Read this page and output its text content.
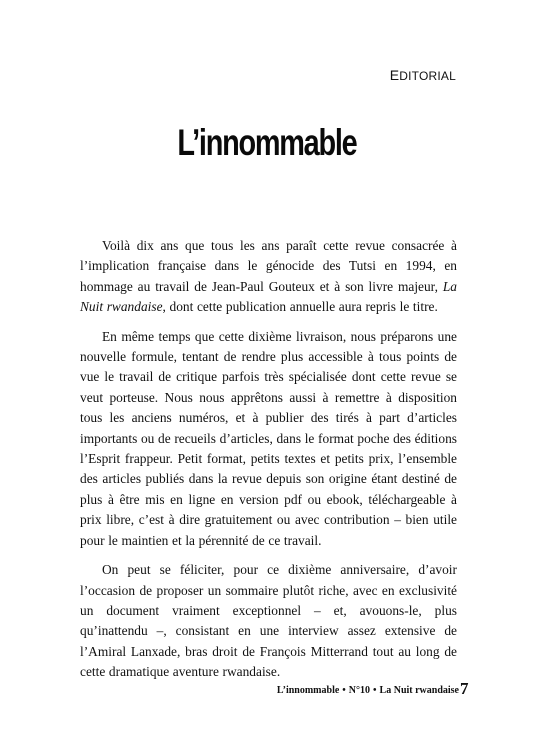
EDITORIAL
L’innommable

Voilà dix ans que tous les ans paraît cette revue consacrée à l’implication française dans le génocide des Tutsi en 1994, en hommage au travail de Jean-Paul Gouteux et à son livre majeur, La Nuit rwandaise, dont cette publication annuelle aura repris le titre.

En même temps que cette dixième livraison, nous préparons une nouvelle formule, tentant de rendre plus accessible à tous points de vue le travail de critique parfois très spécialisée dont cette revue se veut porteuse. Nous nous apprêtons aussi à remettre à disposition tous les anciens numéros, et à publier des tirés à part d’articles importants ou de recueils d’articles, dans le format poche des éditions l’Esprit frappeur. Petit format, petits textes et petits prix, l’ensemble des articles publiés dans la revue depuis son origine étant destiné de plus à être mis en ligne en version pdf ou ebook, téléchargeable à prix libre, c’est à dire gratuitement ou avec contribution – bien utile pour le maintien et la pérennité de ce travail.

On peut se féliciter, pour ce dixième anniversaire, d’avoir l’occasion de proposer un sommaire plutôt riche, avec en exclusivité un document vraiment exceptionnel – et, avouons-le, plus qu’inattendu –, consistant en une interview assez extensive de l’Amiral Lanxade, bras droit de François Mitterrand tout au long de cette dramatique aventure rwandaise.

L’innommable • N°10 • La Nuit rwandaise 7
